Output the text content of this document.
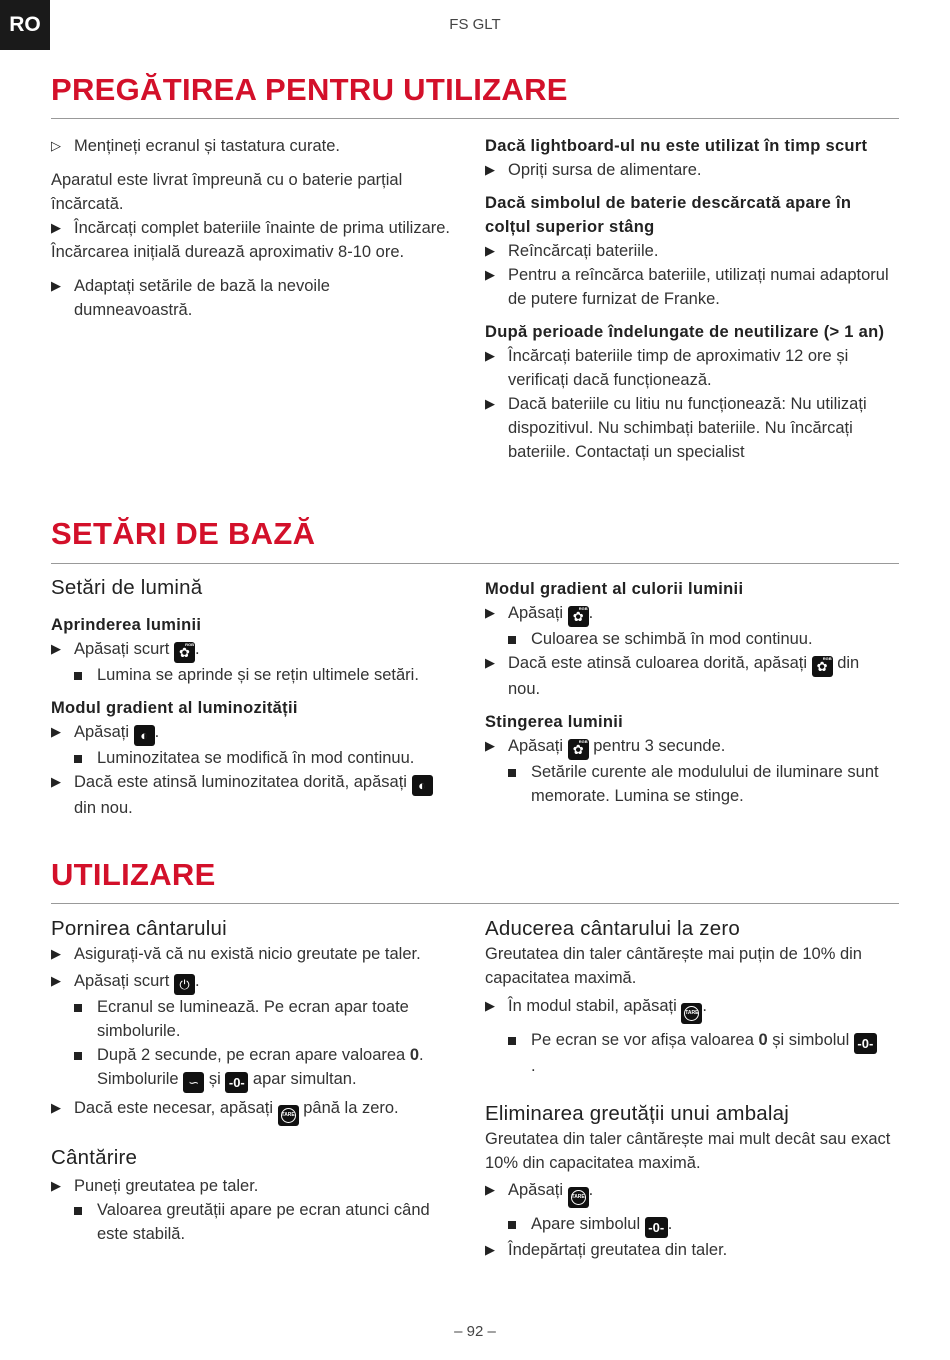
RO	FS GLT
PREGĂTIREA PENTRU UTILIZARE
▷ Mențineți ecranul și tastatura curate.

Aparatul este livrat împreună cu o baterie parțial încărcată.

▶ Încărcați complet bateriile înainte de prima utilizare.

Încărcarea inițială durează aproximativ 8-10 ore.

▶ Adaptați setările de bază la nevoile dumneavoastră.
Dacă lightboard-ul nu este utilizat în timp scurt
▶ Opriți sursa de alimentare.
Dacă simbolul de baterie descărcată apare în colțul superior stâng
▶ Reîncărcați bateriile.
▶ Pentru a reîncărca bateriile, utilizați numai adaptorul de putere furnizat de Franke.
După perioade îndelungate de neutilizare (> 1 an)
▶ Încărcați bateriile timp de aproximativ 12 ore și verificați dacă funcționează.
▶ Dacă bateriile cu litiu nu funcționează: Nu utilizați dispozitivul. Nu schimbați bateriile. Nu încărcați bateriile. Contactați un specialist
SETĂRI DE BAZĂ
Setări de lumină
Aprinderea luminii
▶ Apăsați scurt ✿ RGB .
Lumina se aprinde și se rețin ultimele setări.
Modul gradient al luminozității
▶ Apăsați ◐ .
Luminozitatea se modifică în mod continuu.
▶ Dacă este atinsă luminozitatea dorită, apăsați ◐
din nou.
Modul gradient al culorii luminii
▶ Apăsați ✿ RGB .
Culoarea se schimbă în mod continuu.
▶ Dacă este atinsă culoarea dorită, apăsați ✿ RGB din
nou.
Stingerea luminii
▶ Apăsați ✿ RGB pentru 3 secunde.
Setările curente ale modulului de iluminare sunt memorate. Lumina se stinge.
UTILIZARE
Pornirea cântarului
▶ Asigurați-vă că nu există nicio greutate pe taler.
▶ Apăsați scurt ⏻ .
Ecranul se luminează. Pe ecran apar toate simbolurile.
După 2 secunde, pe ecran apare valoarea 0.
Simbolurile ∽ și -0- apar simultan.
▶ Dacă este necesar, apăsați TARE până la zero.
Cântărire
▶ Puneți greutatea pe taler.
Valoarea greutății apare pe ecran atunci când este stabilă.
Aducerea cântarului la zero

Greutatea din taler cântărește mai puțin de 10% din capacitatea maximă.

▶ În modul stabil, apăsați TARE .
Pe ecran se vor afișa valoarea 0 și simbolul -0-
.
Eliminarea greutății unui ambalaj

Greutatea din taler cântărește mai mult decât sau exact 10% din capacitatea maximă.

▶ Apăsați TARE .
Apare simbolul -0- .
▶ Îndepărtați greutatea din taler.
– 92 –
